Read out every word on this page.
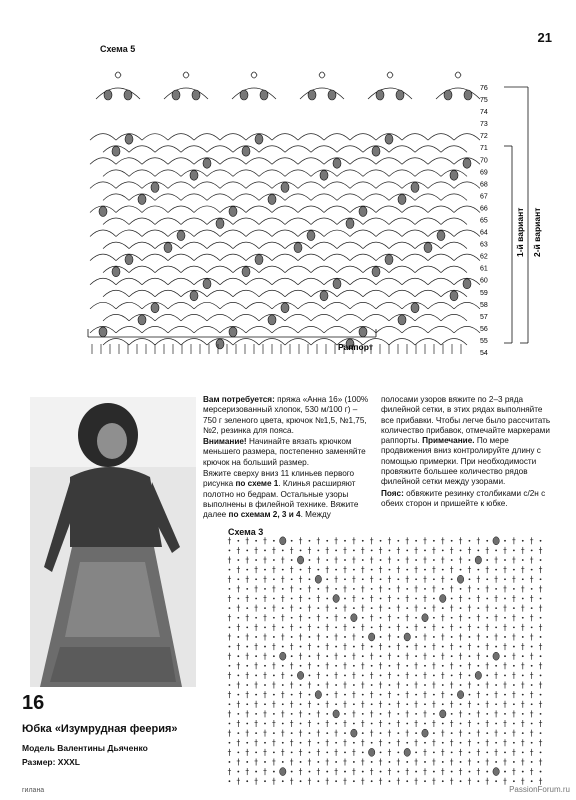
21
Схема 5
76
75
74
73
72
71
70
69
68
67
66
65
64
63
62
61
60
59
58
57
56
55
54
Раппорт
1-й вариант 2-й вариант
16
Юбка «Изумрудная феерия»
Модель Валентины Дьяченко
Размер: XXXL

Вам потребуется: пряжа «Анна 16» (100% мерсеризованный хлопок, 530 м/100 г) – 750 г зеленого цвета, крючок №1,5, №1,75, №2, резинка для пояса.

Внимание! Начинайте вязать крючком меньшего размера, постепенно заменяйте крючок на больший размер.

Вяжите сверху вниз 11 клиньев первого рисунка по схеме 1. Клинья расширяют полотно но бедрам. Остальные узоры выполнены в филейной технике. Вяжите далее по схемам 2, 3 и 4. Между

полосами узоров вяжите по 2–3 ряда филейной сетки, в этих рядах выполняйте все прибавки. Чтобы легче было рассчитать количество прибавок, отмечайте маркерами раппорты. Примечание. По мере продвижения вниз контролируйте длину с помощью примерки. При необходимости провяжите большее количество рядов филейной сетки между узорами.

Пояс: обвяжите резинку столбиками с/2н с обеих сторон и пришейте к юбке.

Схема 3
гилана	PassionForum.ru
